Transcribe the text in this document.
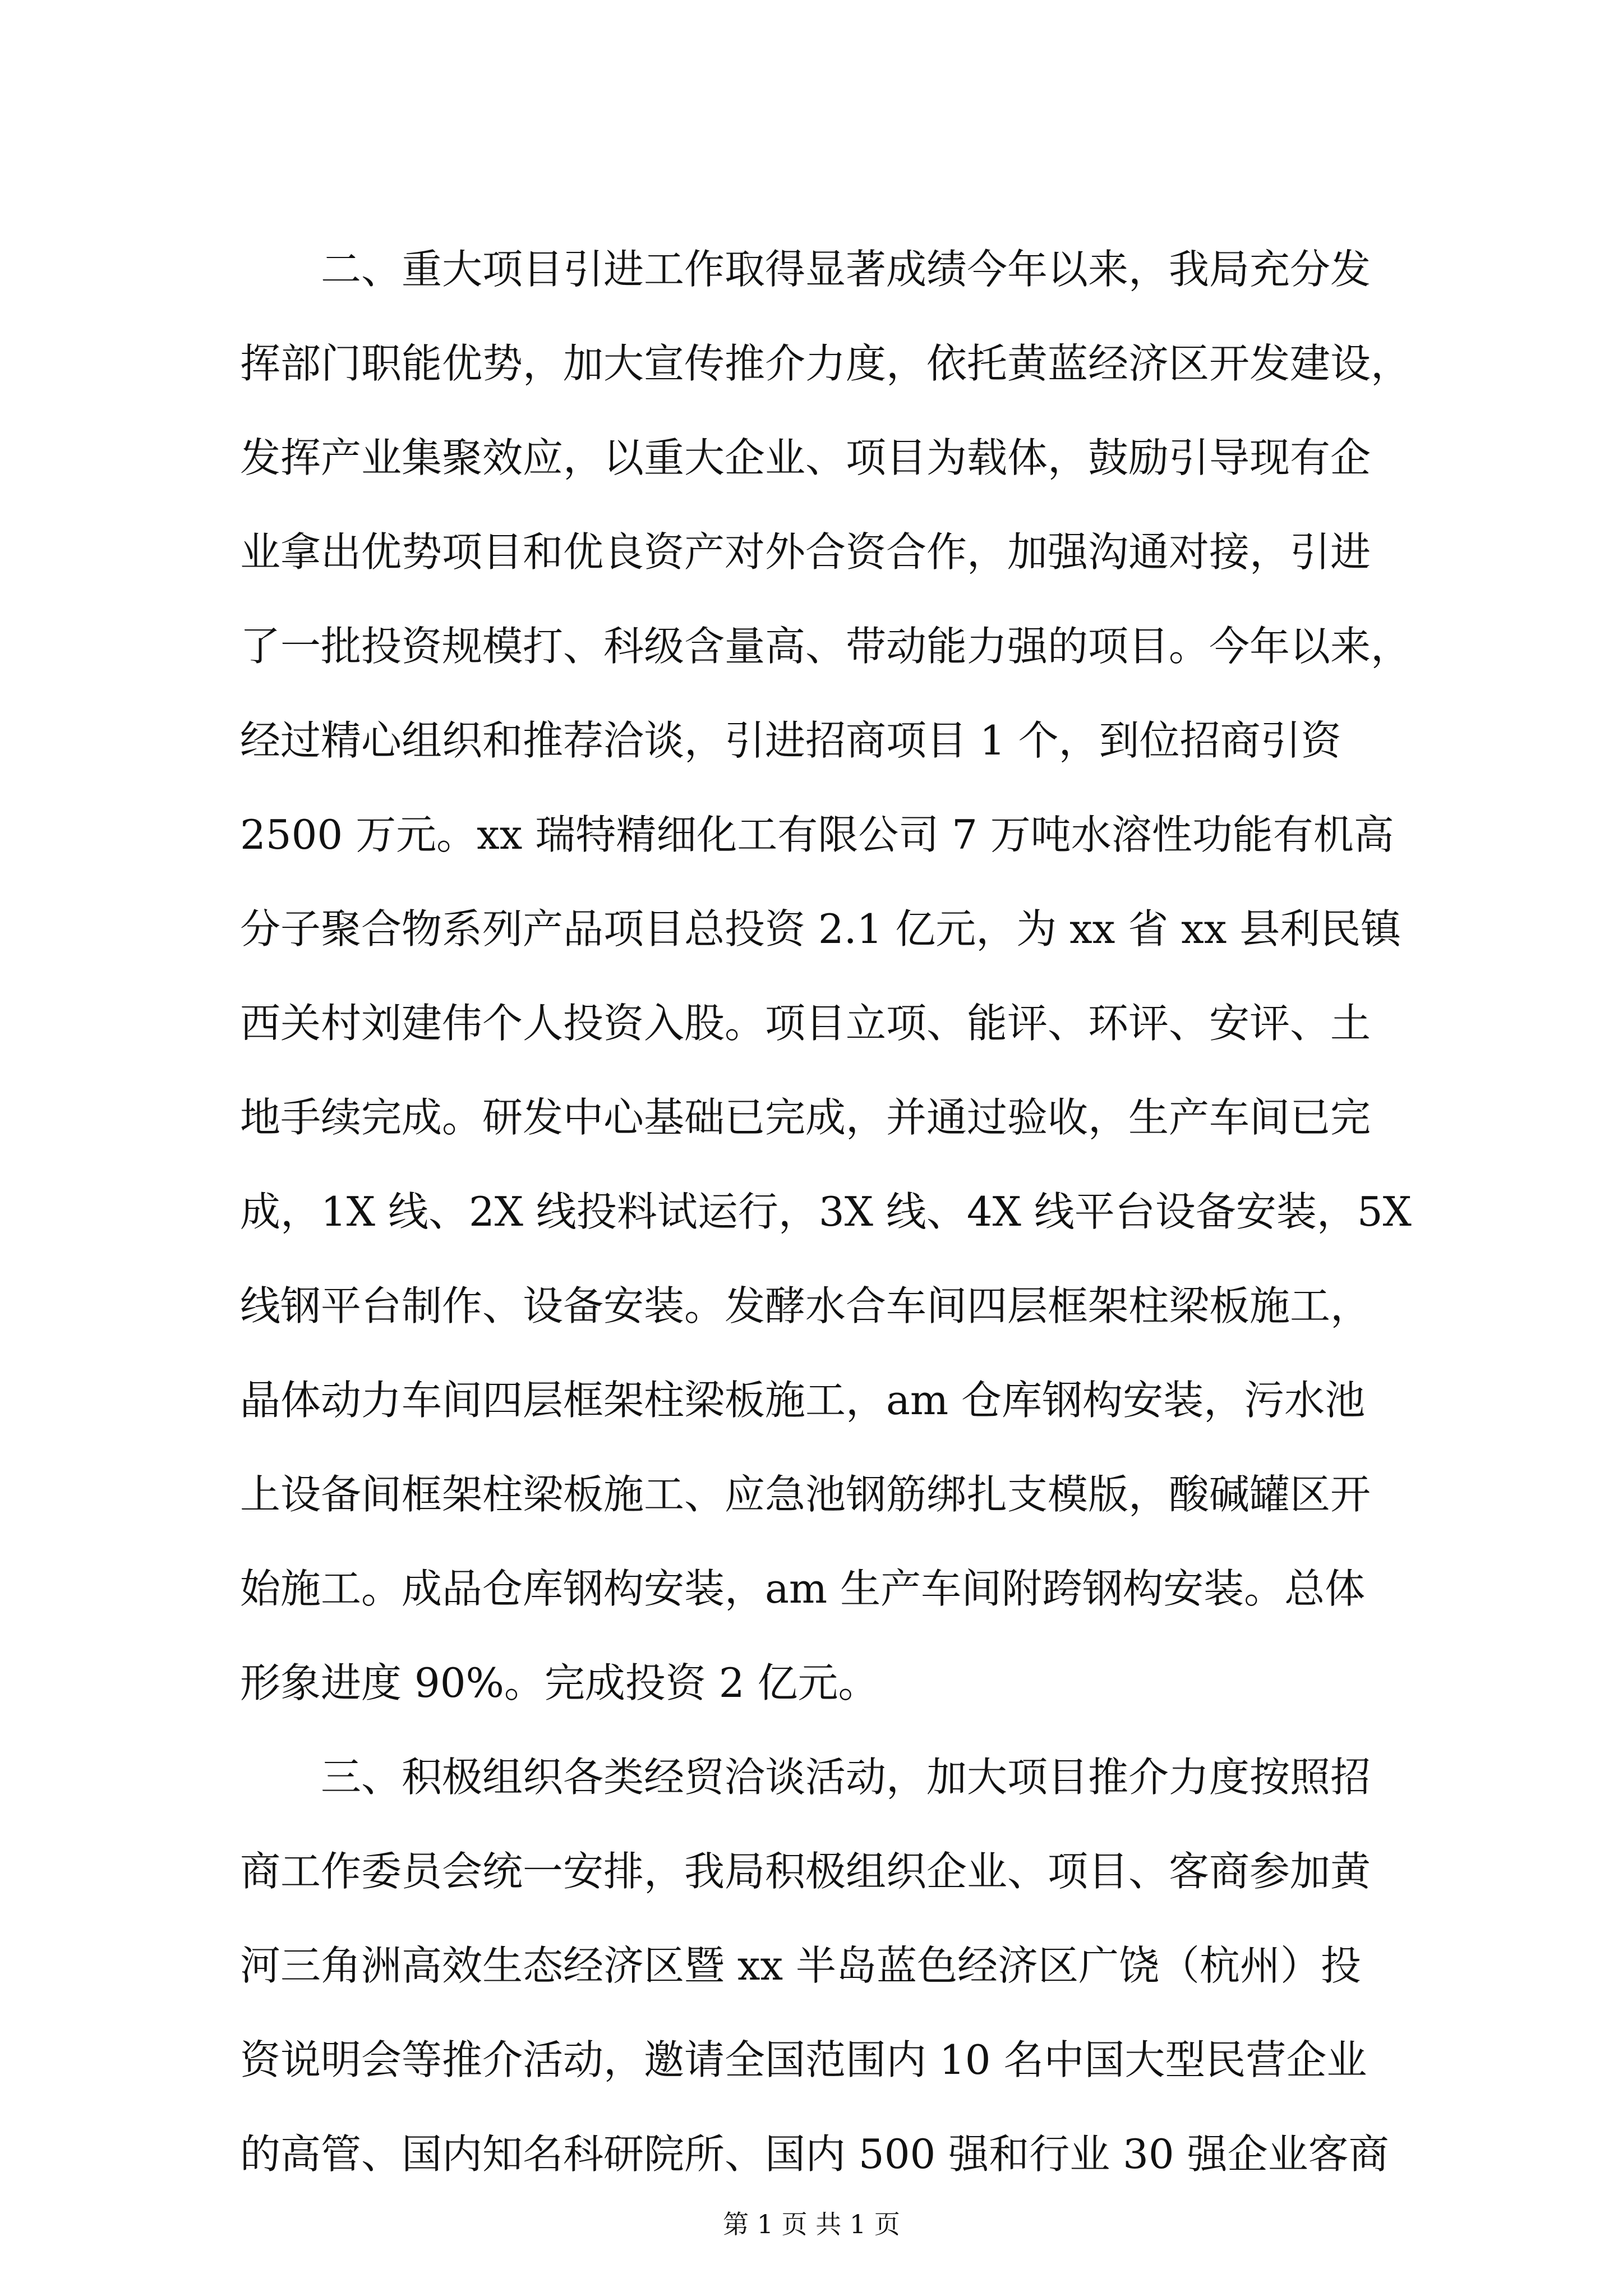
二、重大项目引进工作取得显著成绩今年以来，我局充分发
挥部门职能优势，加大宣传推介力度，依托黄蓝经济区开发建设，
发挥产业集聚效应，以重大企业、项目为载体，鼓励引导现有企
业拿出优势项目和优良资产对外合资合作，加强沟通对接，引进
了一批投资规模打、科级含量高、带动能力强的项目。今年以来，
经过精心组织和推荐洽谈，引进招商项目 1 个，到位招商引资
2500 万元。xx 瑞特精细化工有限公司 7 万吨水溶性功能有机高
分子聚合物系列产品项目总投资 2.1 亿元，为 xx 省 xx 县利民镇
西关村刘建伟个人投资入股。项目立项、能评、环评、安评、土
地手续完成。研发中心基础已完成，并通过验收，生产车间已完
成，1X 线、2X 线投料试运行，3X 线、4X 线平台设备安装，5X
线钢平台制作、设备安装。发酵水合车间四层框架柱梁板施工，
晶体动力车间四层框架柱梁板施工，am 仓库钢构安装，污水池
上设备间框架柱梁板施工、应急池钢筋绑扎支模版，酸碱罐区开
始施工。成品仓库钢构安装，am 生产车间附跨钢构安装。总体
形象进度 90%。完成投资 2 亿元。
三、积极组织各类经贸洽谈活动，加大项目推介力度按照招
商工作委员会统一安排，我局积极组织企业、项目、客商参加黄
河三角洲高效生态经济区暨 xx 半岛蓝色经济区广饶（杭州）投
资说明会等推介活动，邀请全国范围内 10 名中国大型民营企业
的高管、国内知名科研院所、国内 500 强和行业 30 强企业客商
第 1 页 共 1 页
